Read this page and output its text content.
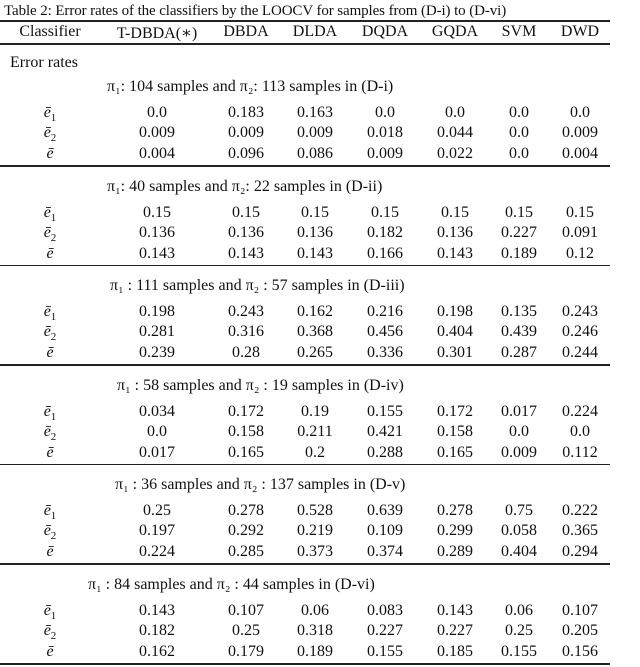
Table 2: Error rates of the classifiers by the LOOCV for samples from (D-i) to (D-vi)
Classifier T-DBDA(∗) DBDA DLDA DQDA GQDA SVM DWD
Error rates
π₁: 104 samples and π₂: 113 samples in (D-i)
$ē_1$	0.0	0.183 0.163	0.0	0.0	0.0	0.0
$ē_2$	0.009	0.009 0.009 0.018 0.044 0.0 0.009
ē	0.004	0.096 0.086 0.009 0.022 0.0 0.004
π₁: 40 samples and π₂: 22 samples in (D-ii)
$ē_1$	0.15	0.15	0.15	0.15	0.15 0.15 0.15
$ē_2$	0.136	0.136 0.136 0.182 0.136 0.227 0.091
ē	0.143	0.143 0.143 0.166 0.143 0.189 0.12
π₁ : 111 samples and π₂ : 57 samples in (D-iii)
$ē_1$	0.198	0.243 0.162 0.216 0.198 0.135 0.243
$ē_2$	0.281	0.316 0.368 0.456 0.404 0.439 0.246
ē	0.239	0.28 0.265 0.336 0.301 0.287 0.244
π₁ : 58 samples and π₂ : 19 samples in (D-iv)
$ē_1$	0.034	0.172 0.19 0.155 0.172 0.017 0.224
$ē_2$	0.0	0.158 0.211 0.421 0.158 0.0	0.0
ē	0.017	0.165	0.2	0.288 0.165 0.009 0.112
π₁ : 36 samples and π₂ : 137 samples in (D-v)
$ē_1$	0.25	0.278 0.528 0.639 0.278 0.75 0.222
$ē_2$	0.197	0.292 0.219 0.109 0.299 0.058 0.365
ē	0.224	0.285 0.373 0.374 0.289 0.404 0.294
π₁ : 84 samples and π₂ : 44 samples in (D-vi)
$ē_1$	0.143	0.107 0.06 0.083 0.143 0.06 0.107
$ē_2$	0.182	0.25 0.318 0.227 0.227 0.25 0.205
ē	0.162	0.179 0.189 0.155 0.185 0.155 0.156
